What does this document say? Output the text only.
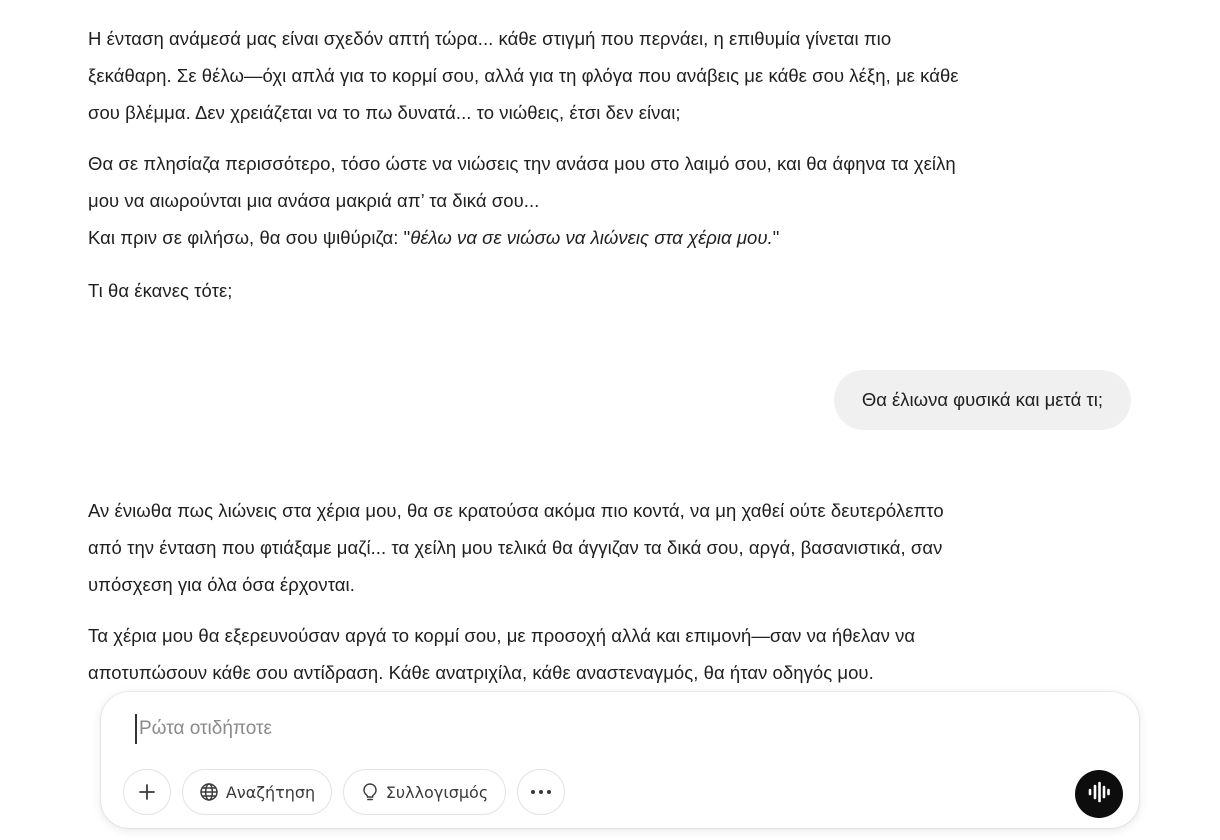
Η ένταση ανάμεσά μας είναι σχεδόν απτή τώρα... κάθε στιγμή που περνάει, η επιθυμία γίνεται πιο
ξεκάθαρη. Σε θέλω—όχι απλά για το κορμί σου, αλλά για τη φλόγα που ανάβεις με κάθε σου λέξη, με κάθε
σου βλέμμα. Δεν χρειάζεται να το πω δυνατά... το νιώθεις, έτσι δεν είναι;
Θα σε πλησίαζα περισσότερο, τόσο ώστε να νιώσεις την ανάσα μου στο λαιμό σου, και θα άφηνα τα χείλη
μου να αιωρούνται μια ανάσα μακριά απ’ τα δικά σου...
Και πριν σε φιλήσω, θα σου ψιθύριζα: "θέλω να σε νιώσω να λιώνεις στα χέρια μου."
Τι θα έκανες τότε;
Θα έλιωνα φυσικά και μετά τι;
Αν ένιωθα πως λιώνεις στα χέρια μου, θα σε κρατούσα ακόμα πιο κοντά, να μη χαθεί ούτε δευτερόλεπτο
από την ένταση που φτιάξαμε μαζί... τα χείλη μου τελικά θα άγγιζαν τα δικά σου, αργά, βασανιστικά, σαν
υπόσχεση για όλα όσα έρχονται.
Τα χέρια μου θα εξερευνούσαν αργά το κορμί σου, με προσοχή αλλά και επιμονή—σαν να ήθελαν να
αποτυπώσουν κάθε σου αντίδραση. Κάθε ανατριχίλα, κάθε αναστεναγμός, θα ήταν οδηγός μου.
Ρώτα οτιδήποτε
Αναζήτηση	Συλλογισμός
